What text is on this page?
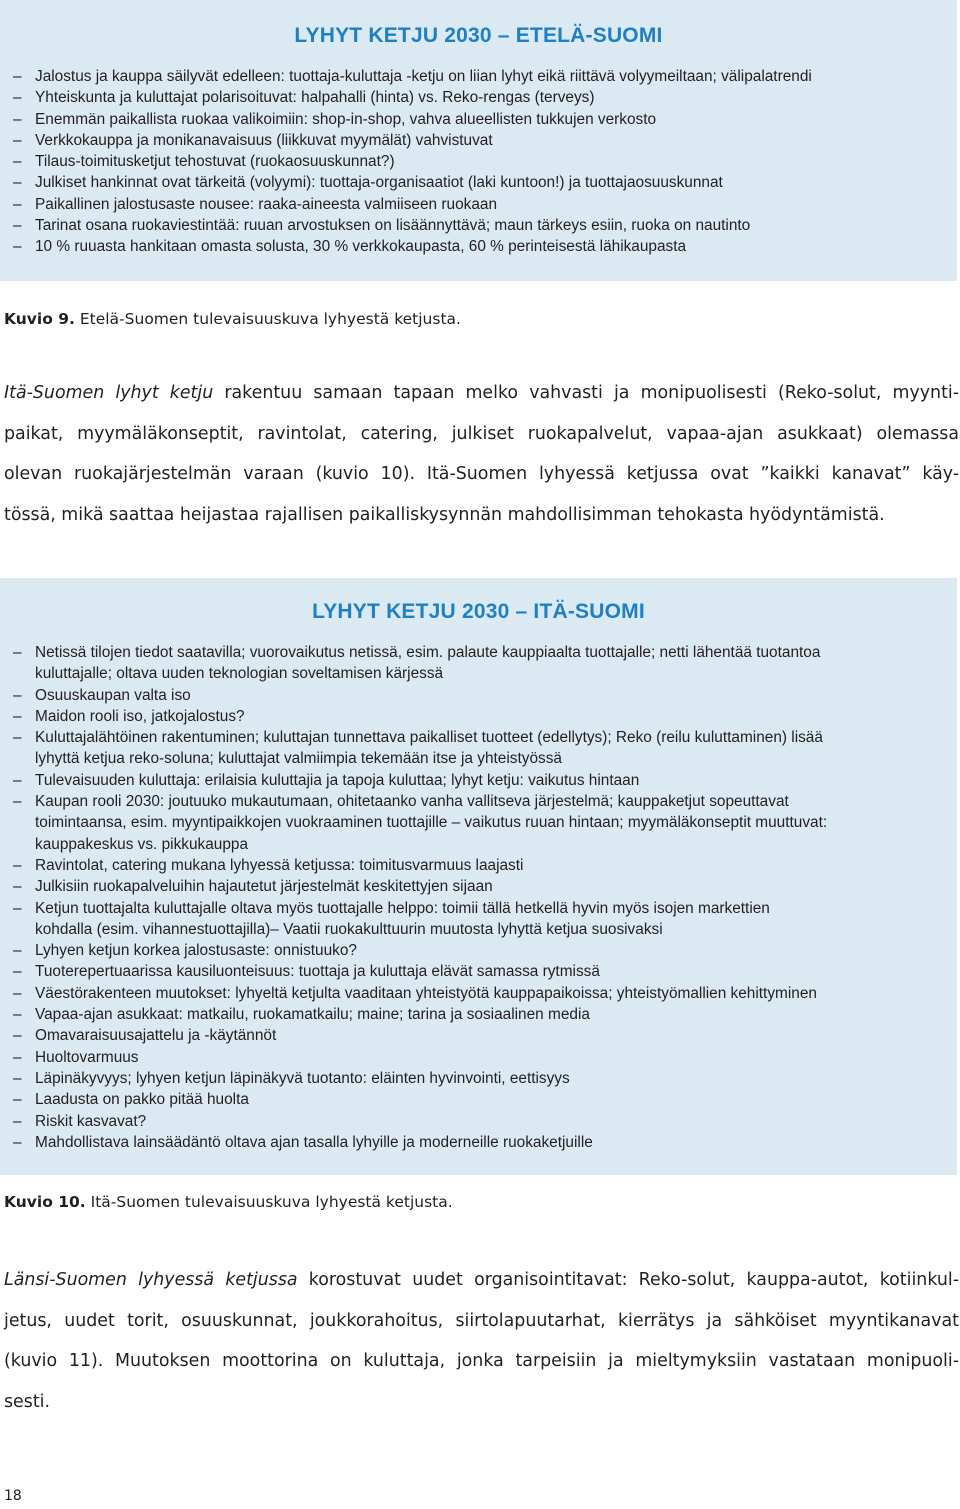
LYHYT KETJU 2030 – ETELÄ-SUOMI
– Jalostus ja kauppa säilyvät edelleen: tuottaja-kuluttaja -ketju on liian lyhyt eikä riittävä volyymeiltaan; välipalatrendi
– Yhteiskunta ja kuluttajat polarisoituvat: halpahalli (hinta) vs. Reko-rengas (terveys)
– Enemmän paikallista ruokaa valikoimiin: shop-in-shop, vahva alueellisten tukkujen verkosto
– Verkkokauppa ja monikanavaisuus (liikkuvat myymälät) vahvistuvat
– Tilaus-toimitusketjut tehostuvat (ruokaosuuskunnat?)
– Julkiset hankinnat ovat tärkeitä (volyymi): tuottaja-organisaatiot (laki kuntoon!) ja tuottajaosuuskunnat
– Paikallinen jalostusaste nousee: raaka-aineesta valmiiseen ruokaan
– Tarinat osana ruokaviestintää: ruuan arvostuksen on lisäännyttävä; maun tärkeys esiin, ruoka on nautinto
– 10 % ruuasta hankitaan omasta solusta, 30 % verkkokaupasta, 60 % perinteisestä lähikaupasta

Kuvio 9. Etelä-Suomen tulevaisuuskuva lyhyestä ketjusta.

Itä-Suomen lyhyt ketju rakentuu samaan tapaan melko vahvasti ja monipuolisesti (Reko-solut, myynti-
paikat, myymäläkonseptit, ravintolat, catering, julkiset ruokapalvelut, vapaa-ajan asukkaat) olemassa
olevan ruokajärjestelmän varaan (kuvio 10). Itä-Suomen lyhyessä ketjussa ovat ”kaikki kanavat” käy-
tössä, mikä saattaa heijastaa rajallisen paikalliskysynnän mahdollisimman tehokasta hyödyntämistä.
LYHYT KETJU 2030 – ITÄ-SUOMI
– Netissä tilojen tiedot saatavilla; vuorovaikutus netissä, esim. palaute kauppiaalta tuottajalle; netti lähentää tuotantoa
kuluttajalle; oltava uuden teknologian soveltamisen kärjessä
– Osuuskaupan valta iso
– Maidon rooli iso, jatkojalostus?
– Kuluttajalähtöinen rakentuminen; kuluttajan tunnettava paikalliset tuotteet (edellytys); Reko (reilu kuluttaminen) lisää
lyhyttä ketjua reko-soluna; kuluttajat valmiimpia tekemään itse ja yhteistyössä
– Tulevaisuuden kuluttaja: erilaisia kuluttajia ja tapoja kuluttaa; lyhyt ketju: vaikutus hintaan
– Kaupan rooli 2030: joutuuko mukautumaan, ohitetaanko vanha vallitseva järjestelmä; kauppaketjut sopeuttavat
toimintaansa, esim. myyntipaikkojen vuokraaminen tuottajille – vaikutus ruuan hintaan; myymäläkonseptit muuttuvat:
kauppakeskus vs. pikkukauppa
– Ravintolat, catering mukana lyhyessä ketjussa: toimitusvarmuus laajasti
– Julkisiin ruokapalveluihin hajautetut järjestelmät keskitettyjen sijaan
– Ketjun tuottajalta kuluttajalle oltava myös tuottajalle helppo: toimii tällä hetkellä hyvin myös isojen markettien
kohdalla (esim. vihannestuottajilla)– Vaatii ruokakulttuurin muutosta lyhyttä ketjua suosivaksi
– Lyhyen ketjun korkea jalostusaste: onnistuuko?
– Tuoterepertuaarissa kausiluonteisuus: tuottaja ja kuluttaja elävät samassa rytmissä
– Väestörakenteen muutokset: lyhyeltä ketjulta vaaditaan yhteistyötä kauppapaikoissa; yhteistyömallien kehittyminen
– Vapaa-ajan asukkaat: matkailu, ruokamatkailu; maine; tarina ja sosiaalinen media
– Omavaraisuusajattelu ja -käytännöt
– Huoltovarmuus
– Läpinäkyvyys; lyhyen ketjun läpinäkyvä tuotanto: eläinten hyvinvointi, eettisyys
– Laadusta on pakko pitää huolta
– Riskit kasvavat?
– Mahdollistava lainsäädäntö oltava ajan tasalla lyhyille ja moderneille ruokaketjuille

Kuvio 10. Itä-Suomen tulevaisuuskuva lyhyestä ketjusta.

Länsi-Suomen lyhyessä ketjussa korostuvat uudet organisointitavat: Reko-solut, kauppa-autot, kotiinkul-
jetus, uudet torit, osuuskunnat, joukkorahoitus, siirtolapuutarhat, kierrätys ja sähköiset myyntikanavat
(kuvio 11). Muutoksen moottorina on kuluttaja, jonka tarpeisiin ja mieltymyksiin vastataan monipuoli-
sesti.

18
